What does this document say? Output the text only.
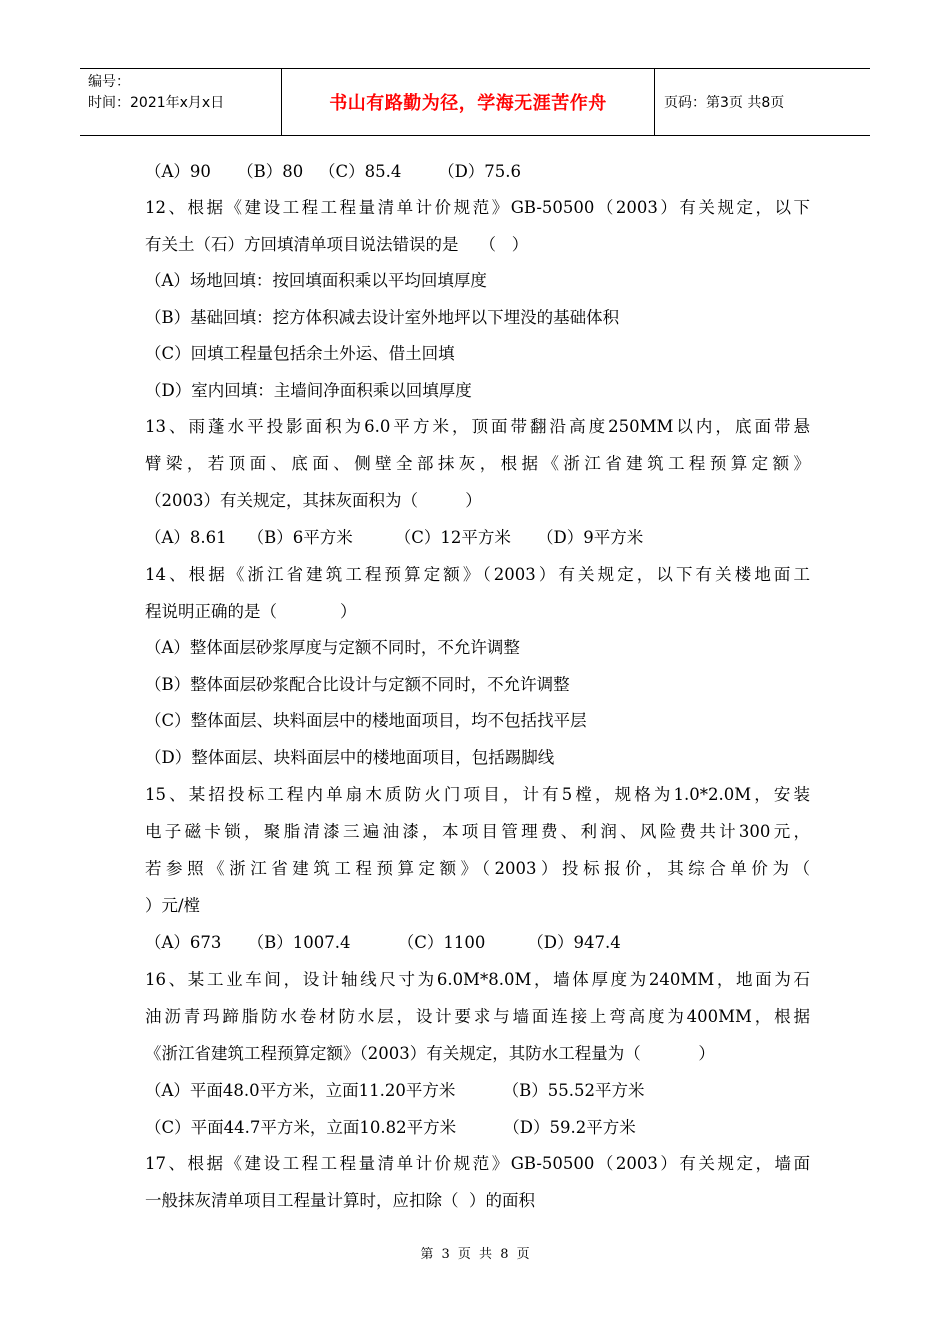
编号：
时间：2021年x月x日	书山有路勤为径，学海无涯苦作舟	页码：第3页 共8页
（A）90     （B）80   （C）85.4       （D）75.6
12、根据《建设工程工程量清单计价规范》GB-50500（2003）有关规定，以下
有关土（石）方回填清单项目说法错误的是    （   ）
（A）场地回填：按回填面积乘以平均回填厚度
（B）基础回填：挖方体积减去设计室外地坪以下埋没的基础体积
（C）回填工程量包括余土外运、借土回填
（D）室内回填：主墙间净面积乘以回填厚度
13、雨蓬水平投影面积为6.0平方米，顶面带翻沿高度250MM以内，底面带悬
臂梁，若顶面、底面、侧壁全部抹灰，根据《浙江省建筑工程预算定额》
（2003）有关规定，其抹灰面积为（         ）
（A）8.61    （B）6平方米        （C）12平方米     （D）9平方米
14、根据《浙江省建筑工程预算定额》（2003）有关规定，以下有关楼地面工
程说明正确的是（            ）
（A）整体面层砂浆厚度与定额不同时，不允许调整
（B）整体面层砂浆配合比设计与定额不同时，不允许调整
（C）整体面层、块料面层中的楼地面项目，均不包括找平层
（D）整体面层、块料面层中的楼地面项目，包括踢脚线
15、某招投标工程内单扇木质防火门项目，计有5樘，规格为1.0*2.0M，安装
电子磁卡锁，聚脂清漆三遍油漆，本项目管理费、利润、风险费共计300元，
若参照《浙江省建筑工程预算定额》（2003）投标报价，其综合单价为（
）元/樘
（A）673     （B）1007.4         （C）1100        （D）947.4
16、某工业车间，设计轴线尺寸为6.0M*8.0M，墙体厚度为240MM，地面为石
油沥青玛蹄脂防水卷材防水层，设计要求与墙面连接上弯高度为400MM，根据
《浙江省建筑工程预算定额》（2003）有关规定，其防水工程量为（           ）
（A）平面48.0平方米，立面11.20平方米         （B）55.52平方米
（C）平面44.7平方米，立面10.82平方米         （D）59.2平方米
17、根据《建设工程工程量清单计价规范》GB-50500（2003）有关规定，墙面
一般抹灰清单项目工程量计算时，应扣除（  ）的面积
第 3 页 共 8 页
